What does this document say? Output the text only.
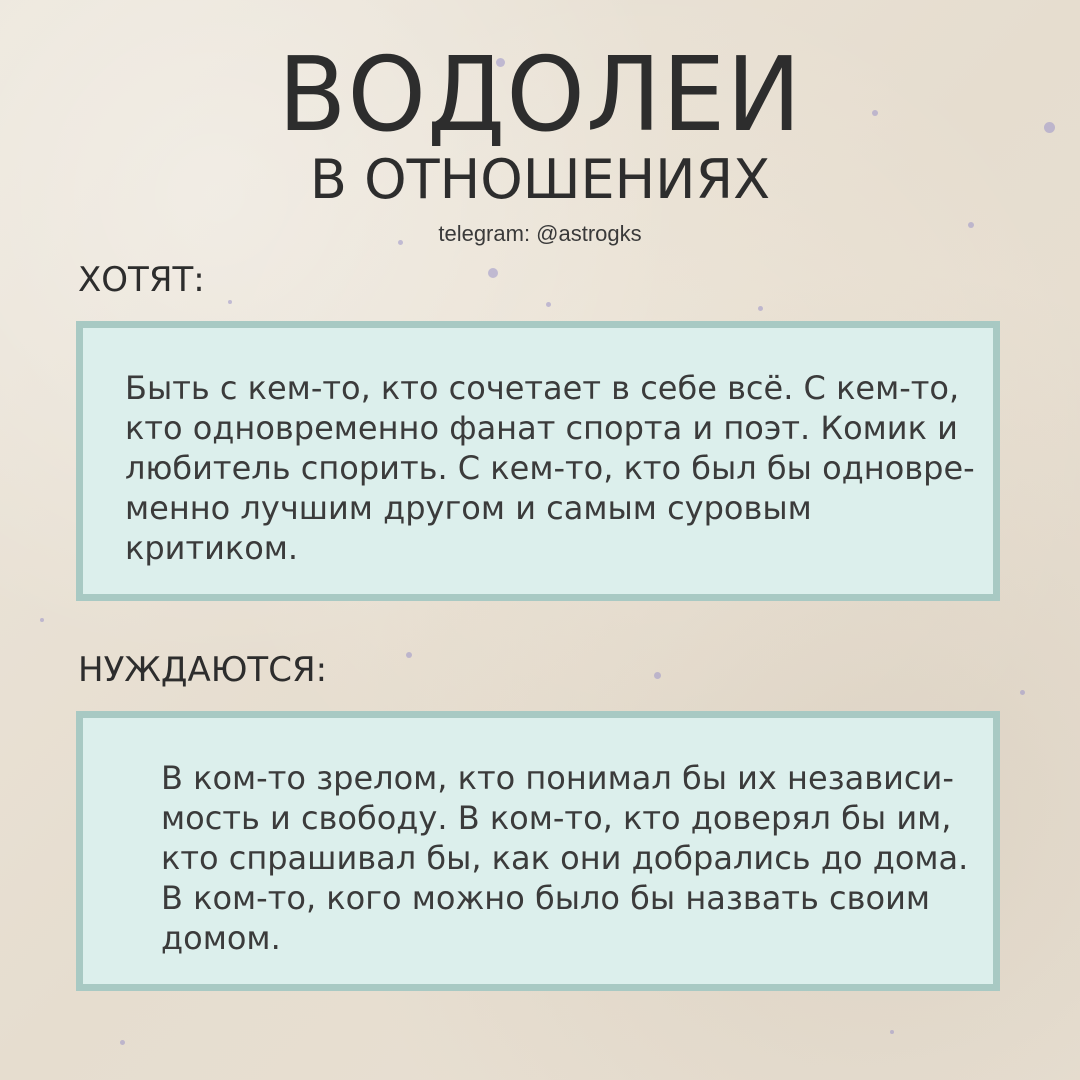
ВОДОЛЕИ
В ОТНОШЕНИЯХ
telegram: @astrogks
ХОТЯТ:
Быть с кем-то, кто сочетает в себе всё. С кем-то,
кто одновременно фанат спорта и поэт. Комик и
любитель спорить. С кем-то, кто был бы одновре-
менно лучшим другом и самым суровым
критиком.
НУЖДАЮТСЯ:
В ком-то зрелом, кто понимал бы их независи-
мость и свободу. В ком-то, кто доверял бы им,
кто спрашивал бы, как они добрались до дома.
В ком-то, кого можно было бы назвать своим
домом.
